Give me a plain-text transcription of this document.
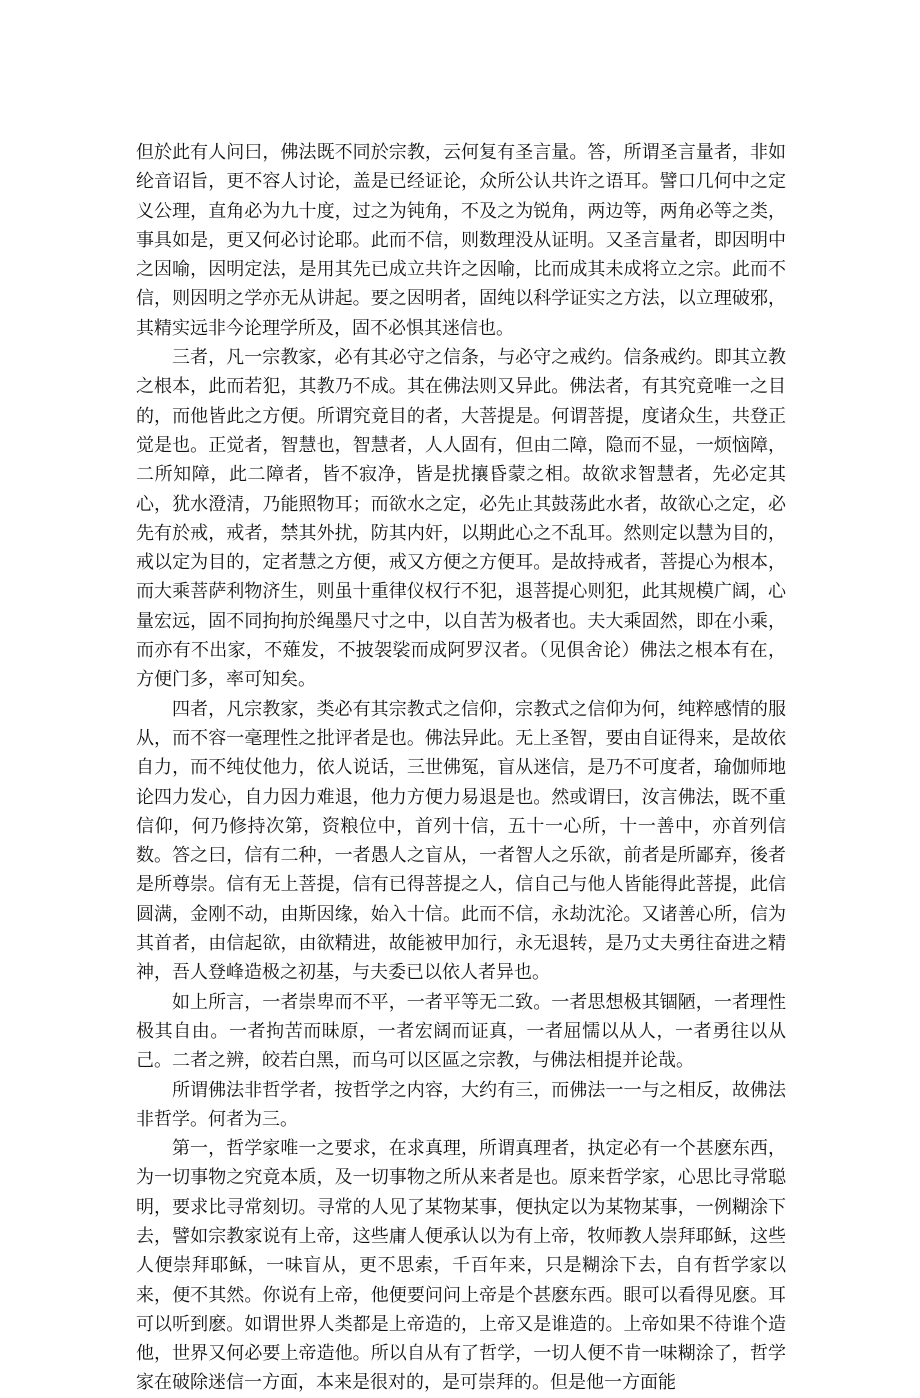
但於此有人问曰，佛法既不同於宗教，云何复有圣言量。答，所谓圣言量者，非如纶音诏旨，更不容人讨论，盖是已经证论，众所公认共许之语耳。譬口几何中之定义公理，直角必为九十度，过之为钝角，不及之为锐角，两边等，两角必等之类，事具如是，更又何必讨论耶。此而不信，则数理没从证明。又圣言量者，即因明中之因喻，因明定法，是用其先已成立共许之因喻，比而成其未成将立之宗。此而不信，则因明之学亦无从讲起。要之因明者，固纯以科学证实之方法，以立理破邪，其精实远非今论理学所及，固不必惧其迷信也。

三者，凡一宗教家，必有其必守之信条，与必守之戒约。信条戒约。即其立教之根本，此而若犯，其教乃不成。其在佛法则又异此。佛法者，有其究竟唯一之目的，而他皆此之方便。所谓究竟目的者，大菩提是。何谓菩提，度诸众生，共登正觉是也。正觉者，智慧也，智慧者，人人固有，但由二障，隐而不显，一烦恼障，二所知障，此二障者，皆不寂净，皆是扰攘昏蒙之相。故欲求智慧者，先必定其心，犹水澄清，乃能照物耳；而欲水之定，必先止其鼓荡此水者，故欲心之定，必先有於戒，戒者，禁其外扰，防其内奸，以期此心之不乱耳。然则定以慧为目的，戒以定为目的，定者慧之方便，戒又方便之方便耳。是故持戒者，菩提心为根本，而大乘菩萨利物济生，则虽十重律仪权行不犯，退菩提心则犯，此其规模广阔，心量宏远，固不同拘拘於绳墨尺寸之中，以自苦为极者也。夫大乘固然，即在小乘，而亦有不出家，不薙发，不披袈裟而成阿罗汉者。（见俱舍论）佛法之根本有在，方便门多，率可知矣。

四者，凡宗教家，类必有其宗教式之信仰，宗教式之信仰为何，纯粹感情的服从，而不容一毫理性之批评者是也。佛法异此。无上圣智，要由自证得来，是故依自力，而不纯仗他力，依人说话，三世佛冤，盲从迷信，是乃不可度者，瑜伽师地论四力发心，自力因力难退，他力方便力易退是也。然或谓曰，汝言佛法，既不重信仰，何乃修持次第，资粮位中，首列十信，五十一心所，十一善中，亦首列信数。答之曰，信有二种，一者愚人之盲从，一者智人之乐欲，前者是所鄙弃，後者是所尊崇。信有无上菩提，信有已得菩提之人，信自己与他人皆能得此菩提，此信圆满，金刚不动，由斯因缘，始入十信。此而不信，永劫沈沦。又诸善心所，信为其首者，由信起欲，由欲精进，故能被甲加行，永无退转，是乃丈夫勇往奋进之精神，吾人登峰造极之初基，与夫委已以依人者异也。

如上所言，一者崇卑而不平，一者平等无二致。一者思想极其锢陋，一者理性极其自由。一者拘苦而昧原，一者宏阔而证真，一者屈懦以从人，一者勇往以从己。二者之辨，皎若白黑，而乌可以区區之宗教，与佛法相提并论哉。

所谓佛法非哲学者，按哲学之内容，大约有三，而佛法一一与之相反，故佛法非哲学。何者为三。

第一，哲学家唯一之要求，在求真理，所谓真理者，执定必有一个甚麽东西，为一切事物之究竟本质，及一切事物之所从来者是也。原来哲学家，心思比寻常聪明，要求比寻常刻切。寻常的人见了某物某事，便执定以为某物某事，一例糊涂下去，譬如宗教家说有上帝，这些庸人便承认以为有上帝，牧师教人崇拜耶稣，这些人便崇拜耶稣，一味盲从，更不思索，千百年来，只是糊涂下去，自有哲学家以来，便不其然。你说有上帝，他便要问问上帝是个甚麽东西。眼可以看得见麽。耳可以听到麽。如谓世界人类都是上帝造的，上帝又是谁造的。上帝如果不待谁个造他，世界又何必要上帝造他。所以自从有了哲学，一切人便不肯一味糊涂了，哲学家在破除迷信一方面，本来是很对的，是可崇拜的。但是他一方面能
